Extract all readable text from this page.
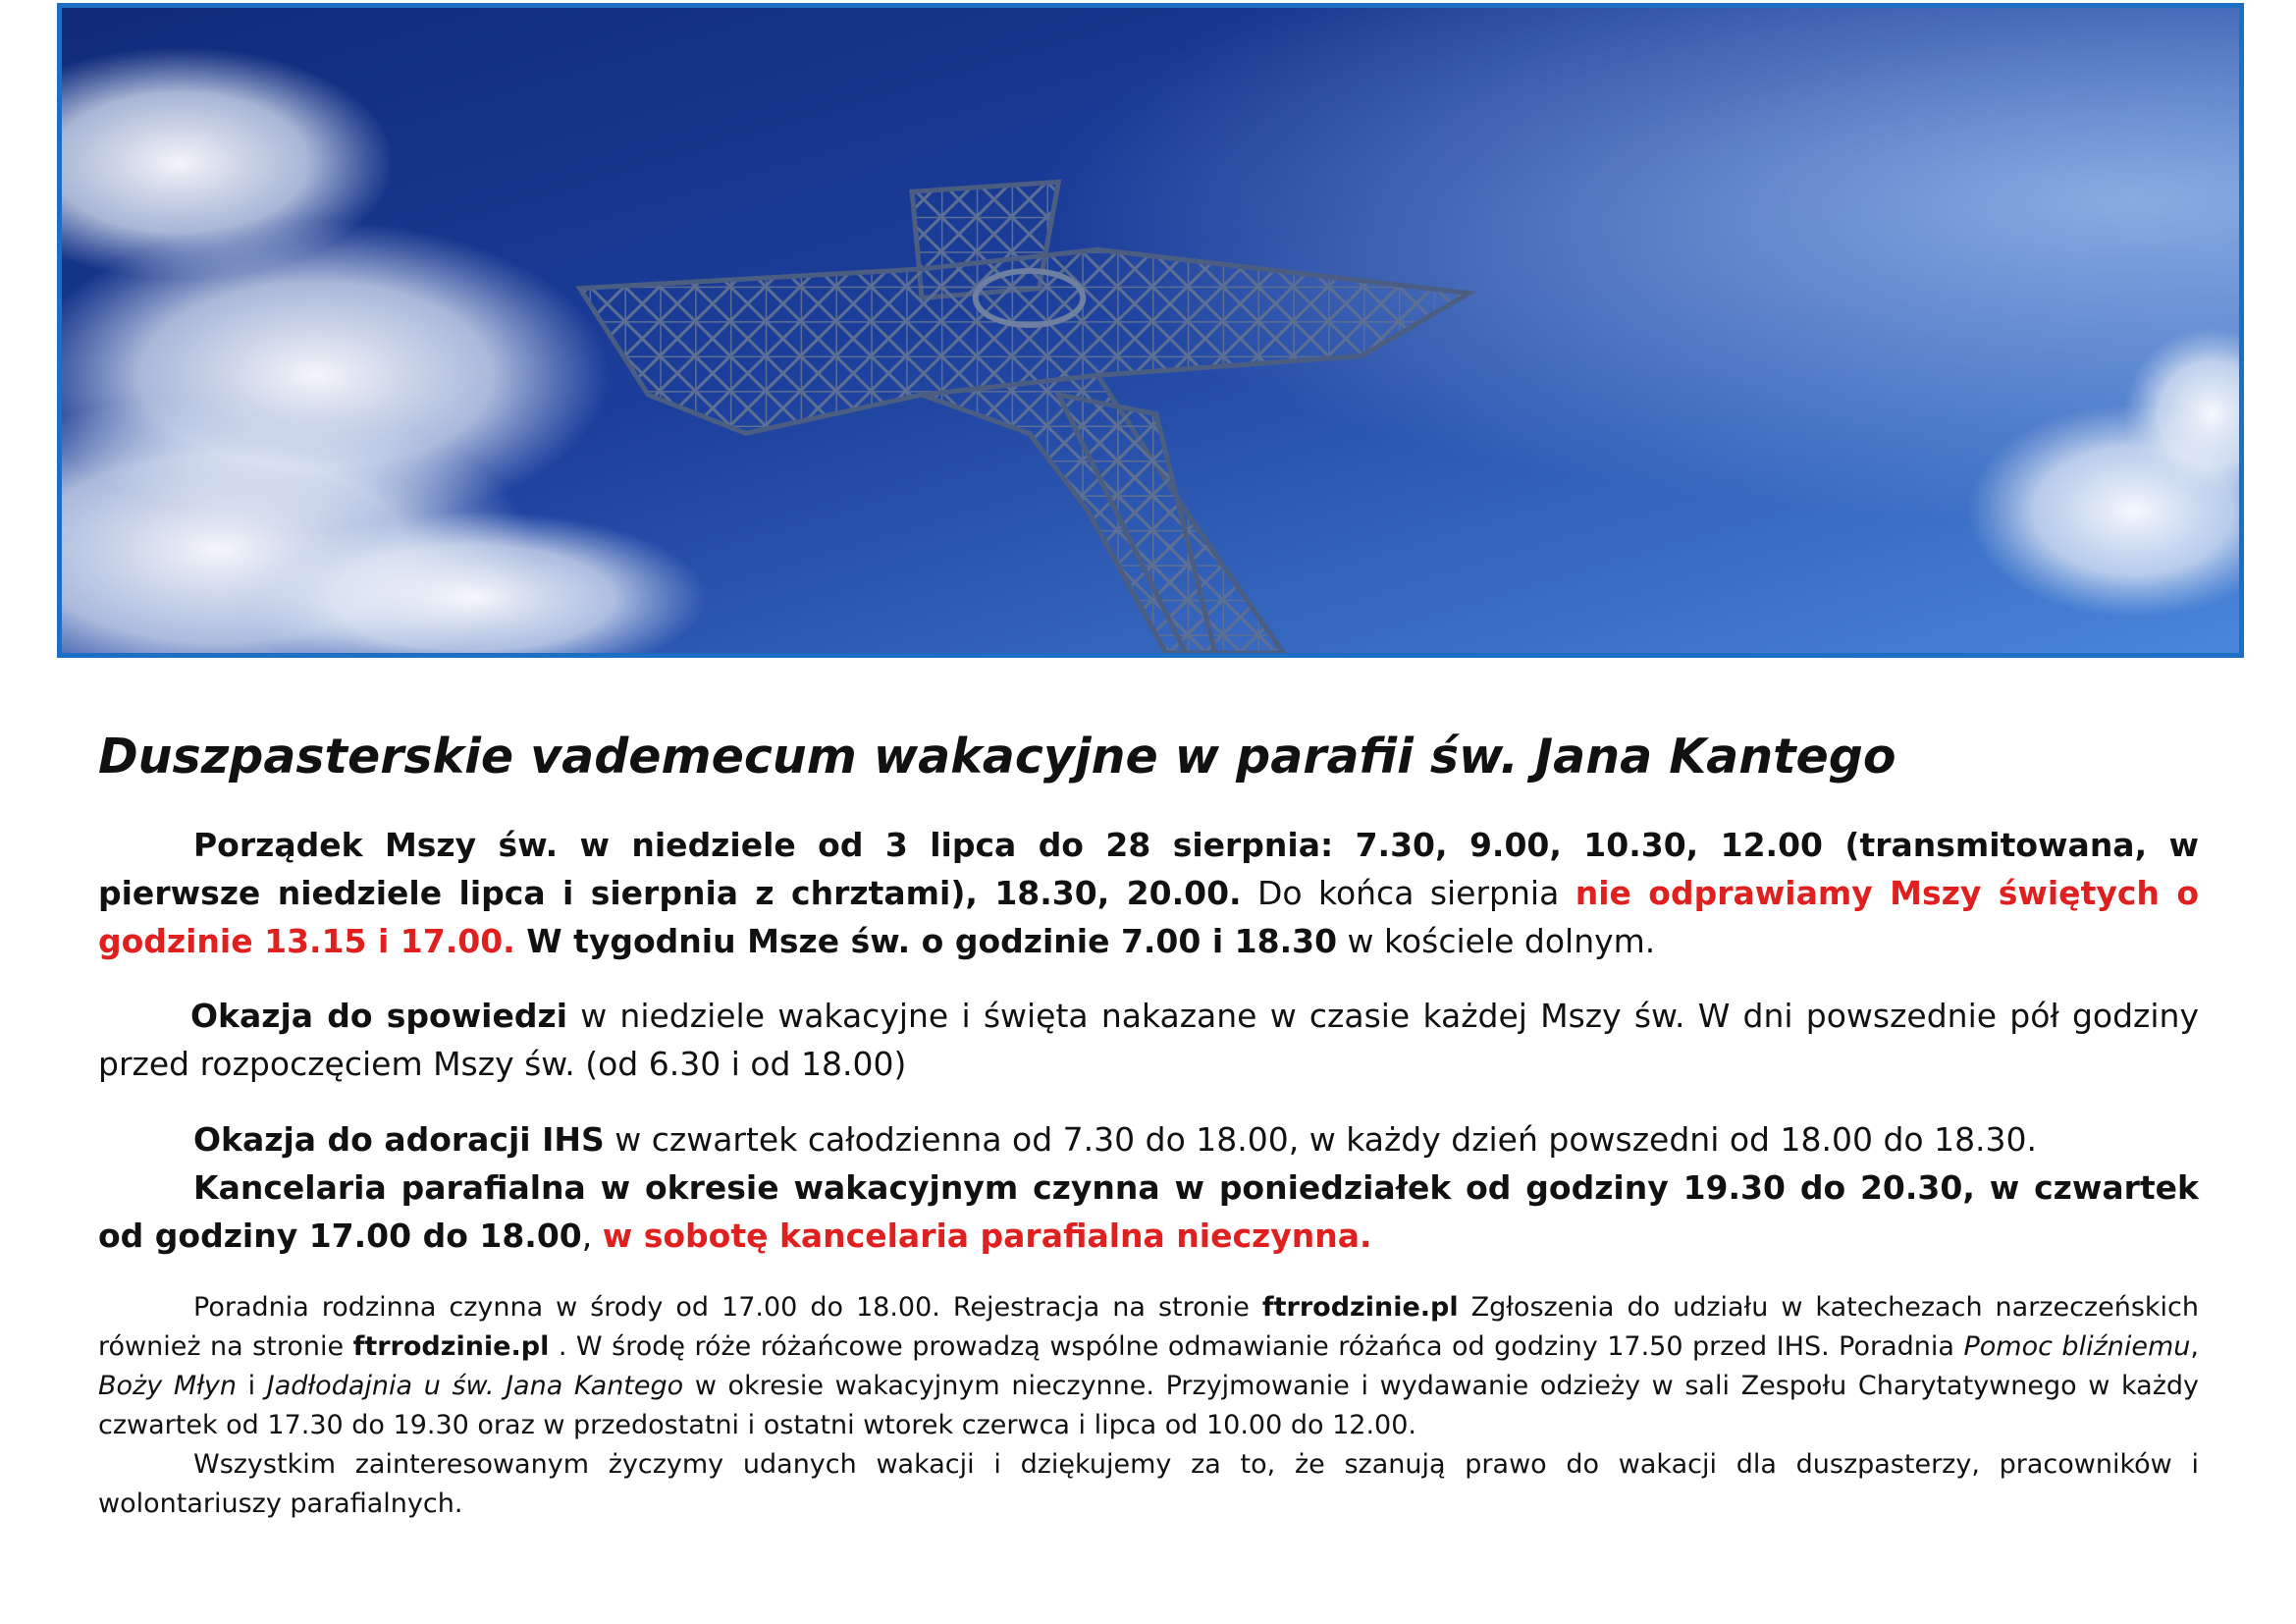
Duszpasterskie vademecum wakacyjne w parafii św. Jana Kantego
Porządek Mszy św. w niedziele od 3 lipca do 28 sierpnia: 7.30, 9.00, 10.30, 12.00 (transmitowana, w pierwsze niedziele lipca i sierpnia z chrztami), 18.30, 20.00. Do końca sierpnia nie odprawiamy Mszy świętych o godzinie 13.15 i 17.00. W tygodniu Msze św. o godzinie 7.00 i 18.30 w kościele dolnym.
Okazja do spowiedzi w niedziele wakacyjne i święta nakazane w czasie każdej Mszy św. W dni powszednie pół godziny przed rozpoczęciem Mszy św. (od 6.30 i od 18.00)
Okazja do adoracji IHS w czwartek całodzienna od 7.30 do 18.00, w każdy dzień powszedni od 18.00 do 18.30.
Kancelaria parafialna w okresie wakacyjnym czynna w poniedziałek od godziny 19.30 do 20.30, w czwartek od godziny 17.00 do 18.00, w sobotę kancelaria parafialna nieczynna.
Poradnia rodzinna czynna w środy od 17.00 do 18.00. Rejestracja na stronie ftrrodzinie.pl Zgłoszenia do udziału w katechezach narzeczeńskich również na stronie ftrrodzinie.pl . W środę róże różańcowe prowadzą wspólne odmawianie różańca od godziny 17.50 przed IHS. Poradnia Pomoc bliźniemu, Boży Młyn i Jadłodajnia u św. Jana Kantego w okresie wakacyjnym nieczynne. Przyjmowanie i wydawanie odzieży w sali Zespołu Charytatywnego w każdy czwartek od 17.30 do 19.30 oraz w przedostatni i ostatni wtorek czerwca i lipca od 10.00 do 12.00.
Wszystkim zainteresowanym życzymy udanych wakacji i dziękujemy za to, że szanują prawo do wakacji dla duszpasterzy, pracowników i wolontariuszy parafialnych.
